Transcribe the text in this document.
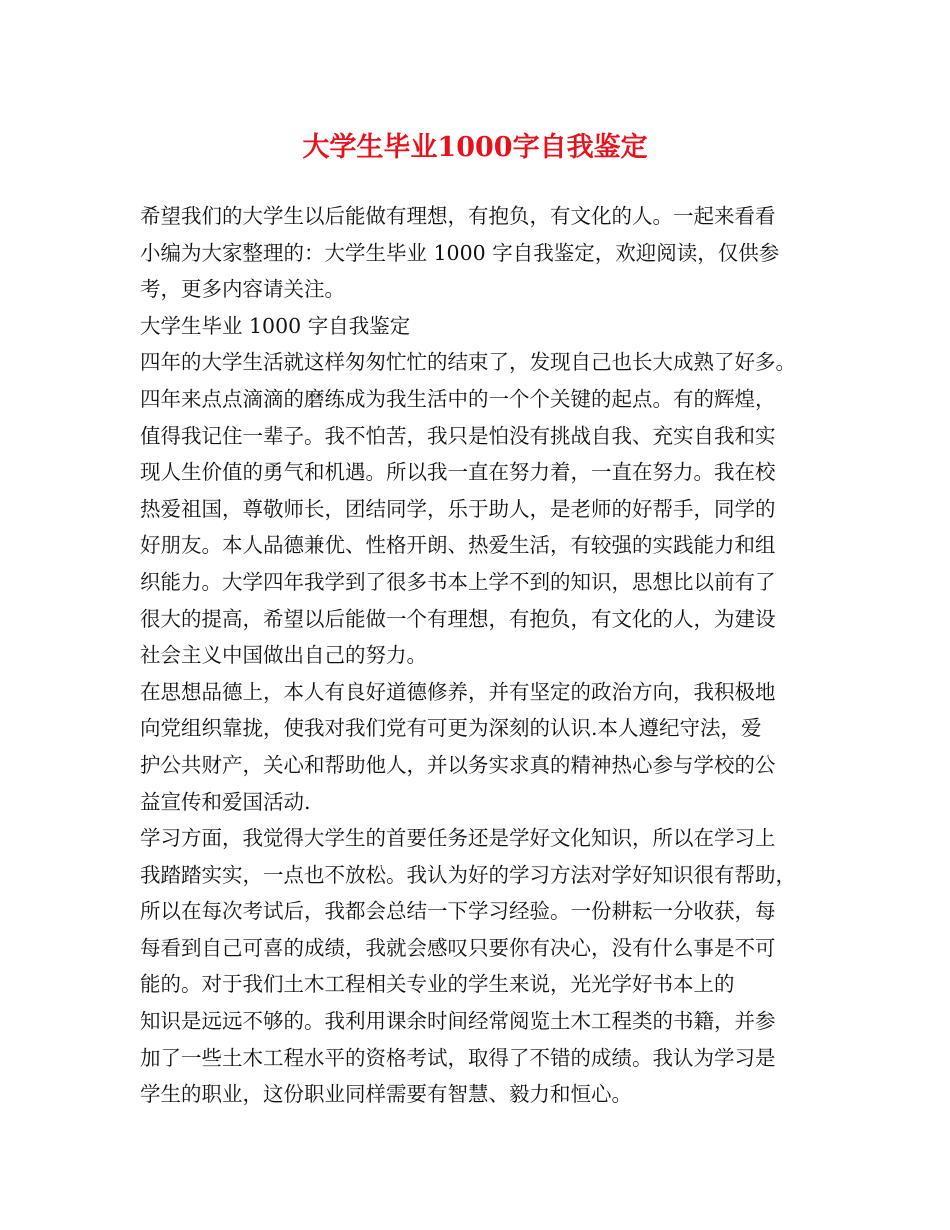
大学生毕业1000字自我鉴定
希望我们的大学生以后能做有理想，有抱负，有文化的人。一起来看看
小编为大家整理的：大学生毕业 1000 字自我鉴定，欢迎阅读，仅供参
考，更多内容请关注。
大学生毕业 1000 字自我鉴定
四年的大学生活就这样匆匆忙忙的结束了，发现自己也长大成熟了好多。
四年来点点滴滴的磨练成为我生活中的一个个关键的起点。有的辉煌，
值得我记住一辈子。我不怕苦，我只是怕没有挑战自我、充实自我和实
现人生价值的勇气和机遇。所以我一直在努力着，一直在努力。我在校
热爱祖国，尊敬师长，团结同学，乐于助人，是老师的好帮手，同学的
好朋友。本人品德兼优、性格开朗、热爱生活，有较强的实践能力和组
织能力。大学四年我学到了很多书本上学不到的知识，思想比以前有了
很大的提高，希望以后能做一个有理想，有抱负，有文化的人，为建设
社会主义中国做出自己的努力。
在思想品德上，本人有良好道德修养，并有坚定的政治方向，我积极地
向党组织靠拢，使我对我们党有可更为深刻的认识.本人遵纪守法，爱
护公共财产，关心和帮助他人，并以务实求真的精神热心参与学校的公
益宣传和爱国活动.
学习方面，我觉得大学生的首要任务还是学好文化知识，所以在学习上
我踏踏实实，一点也不放松。我认为好的学习方法对学好知识很有帮助，
所以在每次考试后，我都会总结一下学习经验。一份耕耘一分收获，每
每看到自己可喜的成绩，我就会感叹只要你有决心，没有什么事是不可
能的。对于我们土木工程相关专业的学生来说，光光学好书本上的
知识是远远不够的。我利用课余时间经常阅览土木工程类的书籍，并参
加了一些土木工程水平的资格考试，取得了不错的成绩。我认为学习是
学生的职业，这份职业同样需要有智慧、毅力和恒心。
